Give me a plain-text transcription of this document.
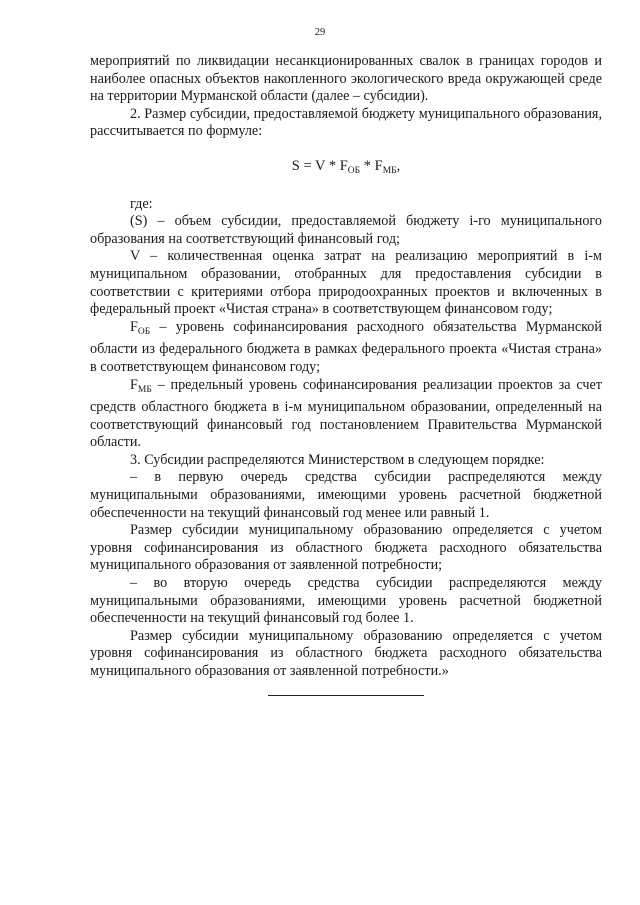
29

мероприятий по ликвидации несанкционированных свалок в границах городов и наиболее опасных объектов накопленного экологического вреда окружающей среде на территории Мурманской области (далее – субсидии).

2. Размер субсидии, предоставляемой бюджету муниципального образования, рассчитывается по формуле:

$S = V * F_{ОБ} * F_{МБ}$,

где:

(S) – объем субсидии, предоставляемой бюджету i-го муниципального образования на соответствующий финансовый год;

V – количественная оценка затрат на реализацию мероприятий в i-м муниципальном образовании, отобранных для предоставления субсидии в соответствии с критериями отбора природоохранных проектов и включенных в федеральный проект «Чистая страна» в соответствующем финансовом году;

$F_{ОБ}$ – уровень софинансирования расходного обязательства Мурманской области из федерального бюджета в рамках федерального проекта «Чистая страна» в соответствующем финансовом году;

$F_{МБ}$ – предельный уровень софинансирования реализации проектов за счет средств областного бюджета в i-м муниципальном образовании, определенный на соответствующий финансовый год постановлением Правительства Мурманской области.

3. Субсидии распределяются Министерством в следующем порядке:

– в первую очередь средства субсидии распределяются между муниципальными образованиями, имеющими уровень расчетной бюджетной обеспеченности на текущий финансовый год менее или равный 1.

Размер субсидии муниципальному образованию определяется с учетом уровня софинансирования из областного бюджета расходного обязательства муниципального образования от заявленной потребности;

– во вторую очередь средства субсидии распределяются между муниципальными образованиями, имеющими уровень расчетной бюджетной обеспеченности на текущий финансовый год более 1.

Размер субсидии муниципальному образованию определяется с учетом уровня софинансирования из областного бюджета расходного обязательства муниципального образования от заявленной потребности.»
